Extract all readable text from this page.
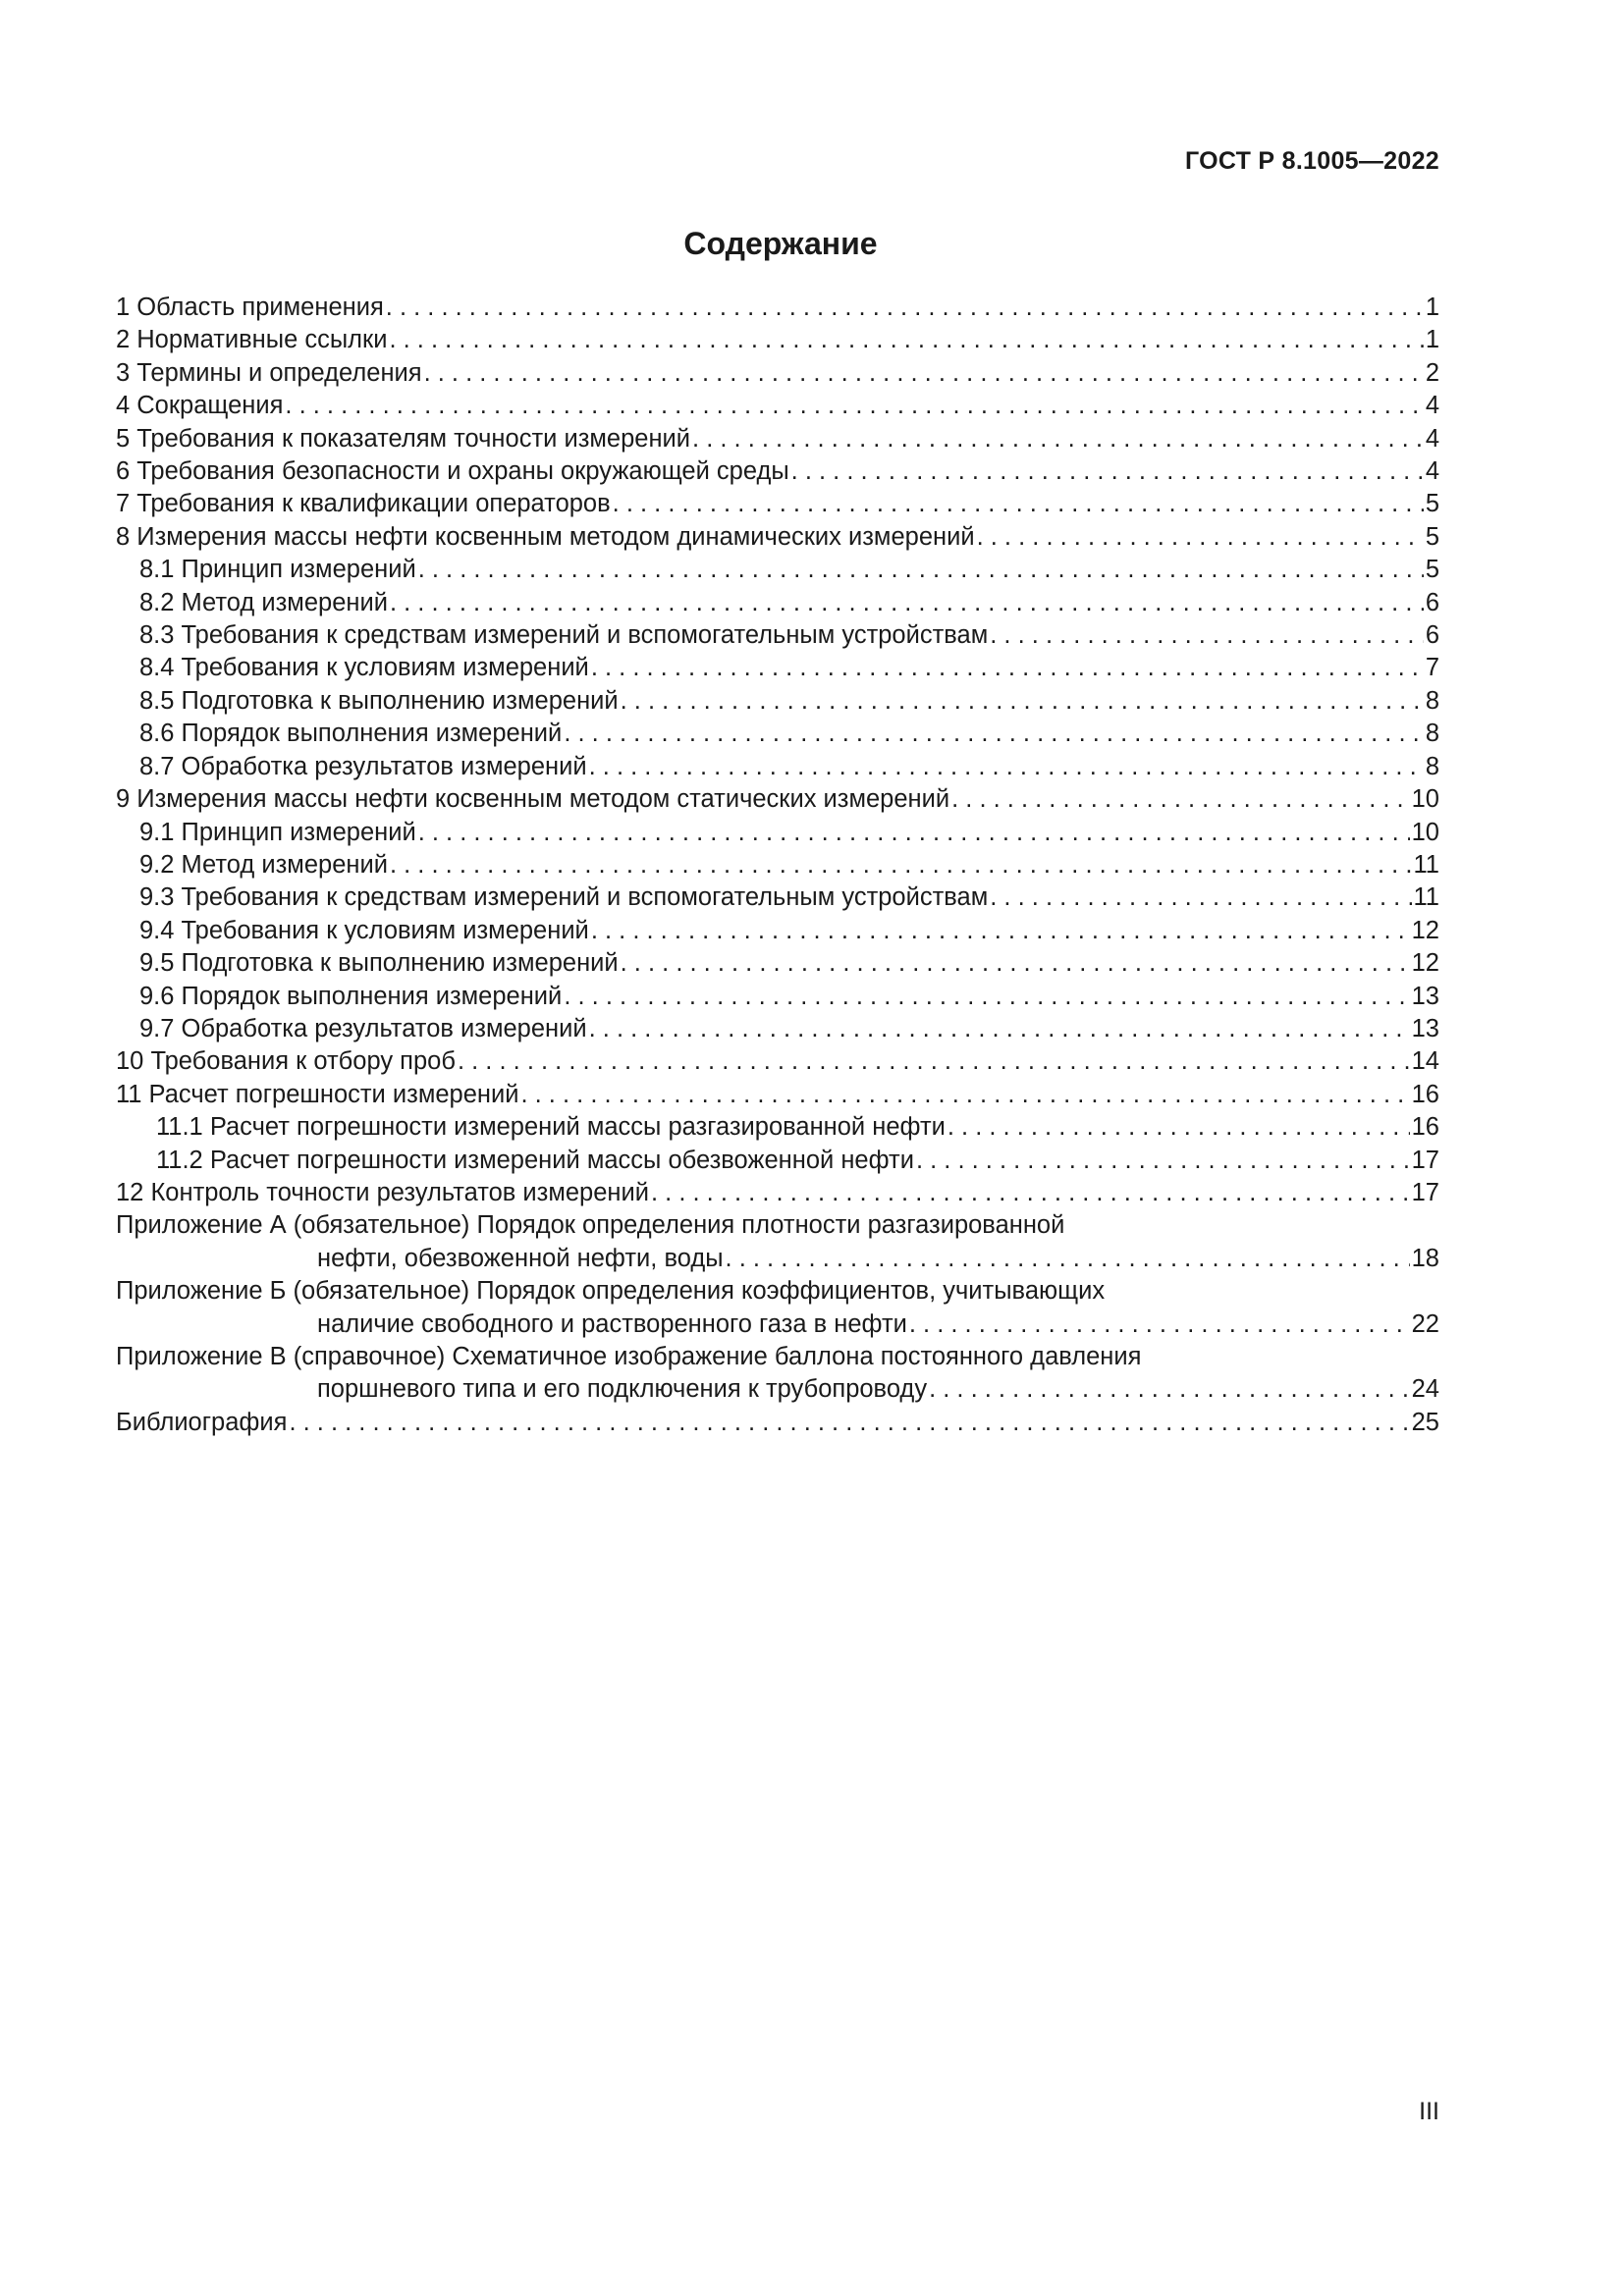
ГОСТ Р 8.1005—2022

Содержание
1 Область применения . . .	1
2 Нормативные ссылки . . .	1
3 Термины и определения . . .	2
4 Сокращения . . .	4
5 Требования к показателям точности измерений . . .	4
6 Требования безопасности и охраны окружающей среды . . .	4
7 Требования к квалификации операторов . . .	5
8 Измерения массы нефти косвенным методом динамических измерений . . .	5
8.1 Принцип измерений . . .	5
8.2 Метод измерений . . .	6
8.3 Требования к средствам измерений и вспомогательным устройствам . . .	6
8.4 Требования к условиям измерений . . .	7
8.5 Подготовка к выполнению измерений . . .	8
8.6 Порядок выполнения измерений . . .	8
8.7 Обработка результатов измерений . . .	8
9 Измерения массы нефти косвенным методом статических измерений . . .	10
9.1 Принцип измерений . . .	10
9.2 Метод измерений . . .	11
9.3 Требования к средствам измерений и вспомогательным устройствам . . .	11
9.4 Требования к условиям измерений . . .	12
9.5 Подготовка к выполнению измерений . . .	12
9.6 Порядок выполнения измерений . . .	13
9.7 Обработка результатов измерений . . .	13
10 Требования к отбору проб . . .	14
11 Расчет погрешности измерений . . .	16
11.1 Расчет погрешности измерений массы разгазированной нефти . . .	16
11.2 Расчет погрешности измерений массы обезвоженной нефти . . .	17
12 Контроль точности результатов измерений . . .	17
Приложение А (обязательное) Порядок определения плотности разгазированной
нефти, обезвоженной нефти, воды . . .	18
Приложение Б (обязательное) Порядок определения коэффициентов, учитывающих
наличие свободного и растворенного газа в нефти . . .	22
Приложение В (справочное) Схематичное изображение баллона постоянного давления
поршневого типа и его подключения к трубопроводу . . .	24
Библиография . . .	25

III
